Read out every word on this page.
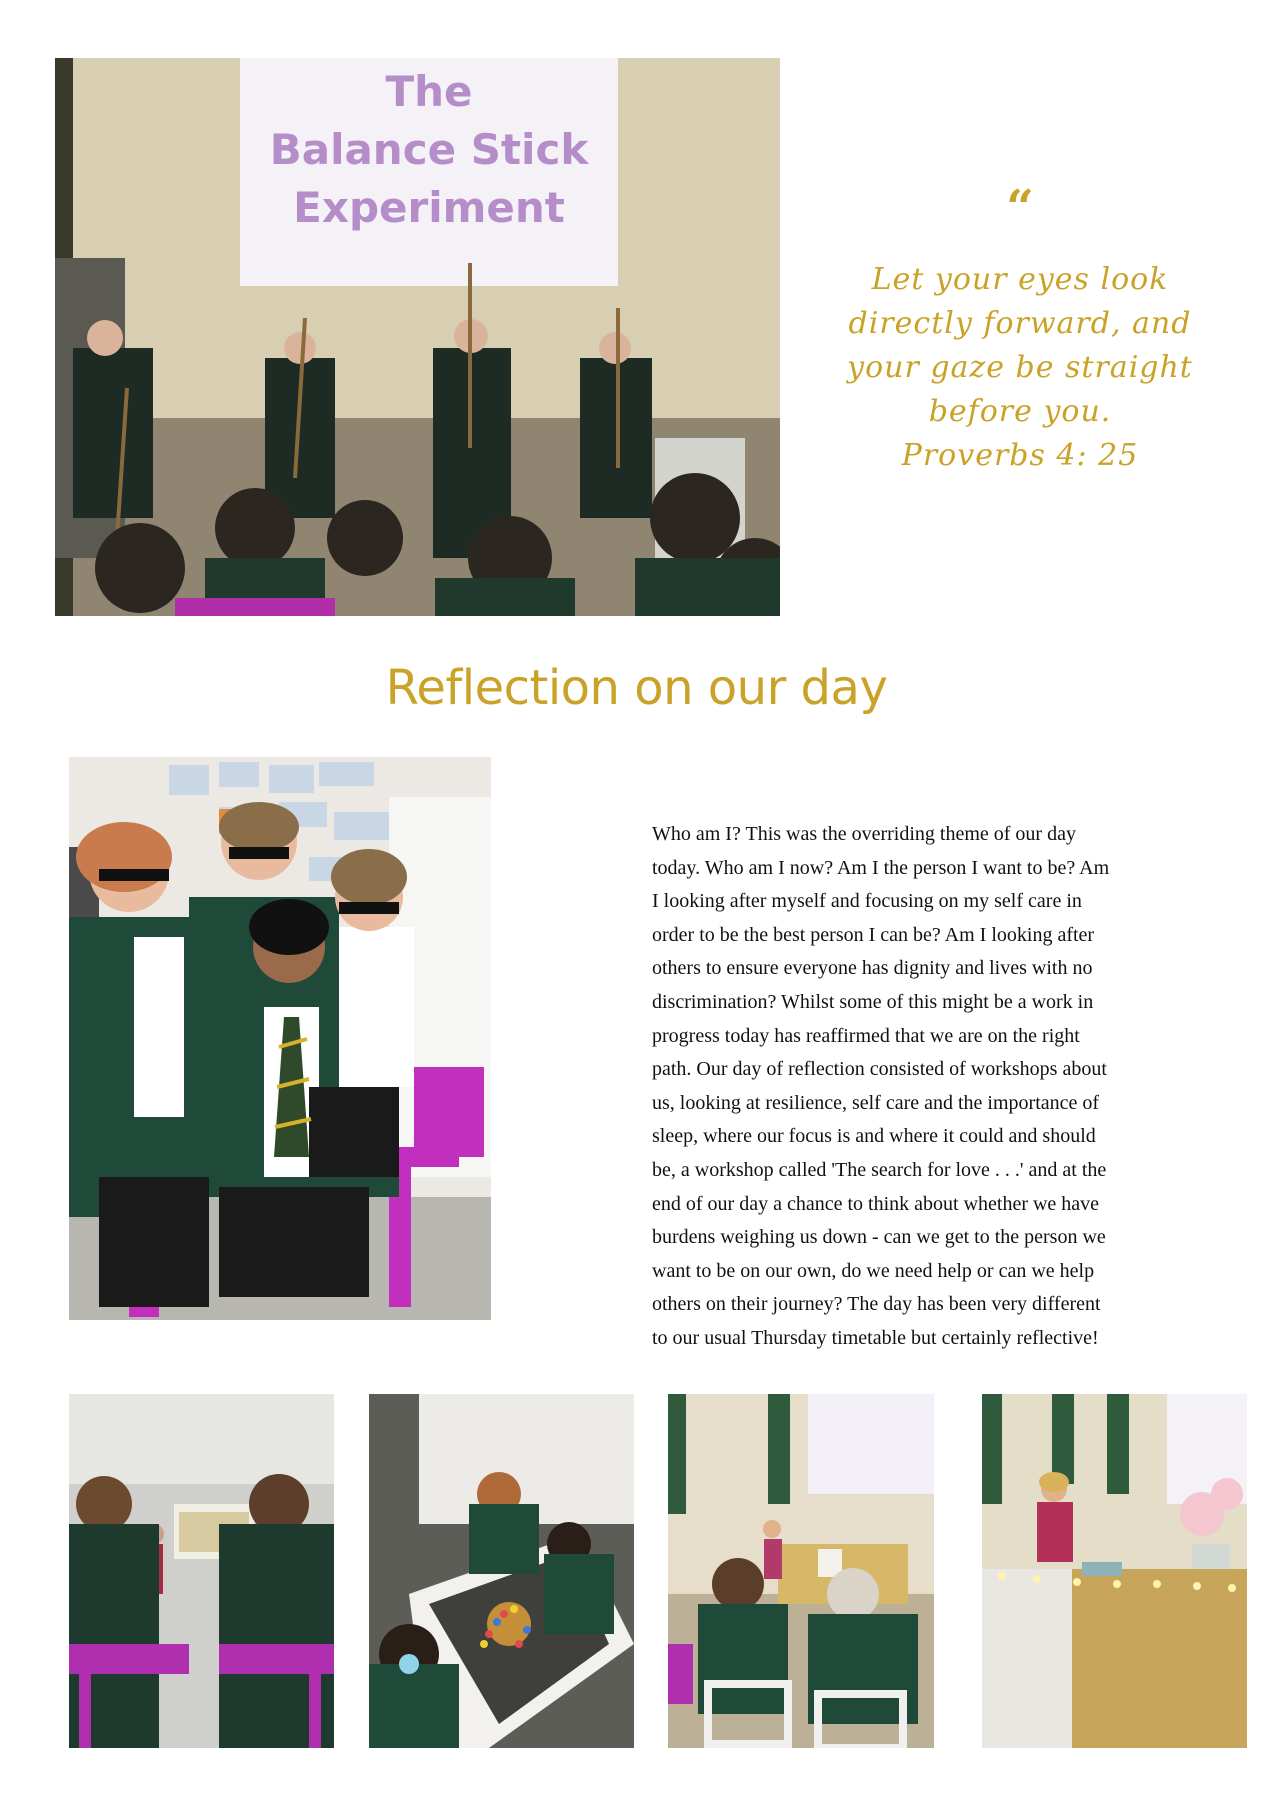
The
Balance Stick
Experiment	“
Let your eyes look
directly forward, and
your gaze be straight
before you.
Proverbs 4: 25
Reflection on our day
Who am I? This was the overriding theme of our day
today. Who am I now? Am I the person I want to be? Am
I looking after myself and focusing on my self care in
order to be the best person I can be? Am I looking after
others to ensure everyone has dignity and lives with no
discrimination? Whilst some of this might be a work in
progress today has reaffirmed that we are on the right
path. Our day of reflection consisted of workshops about
us, looking at resilience, self care and the importance of
sleep, where our focus is and where it could and should
be, a workshop called 'The search for love . . .' and at the
end of our day a chance to think about whether we have
burdens weighing us down - can we get to the person we
want to be on our own, do we need help or can we help
others on their journey? The day has been very different
to our usual Thursday timetable but certainly reflective!
